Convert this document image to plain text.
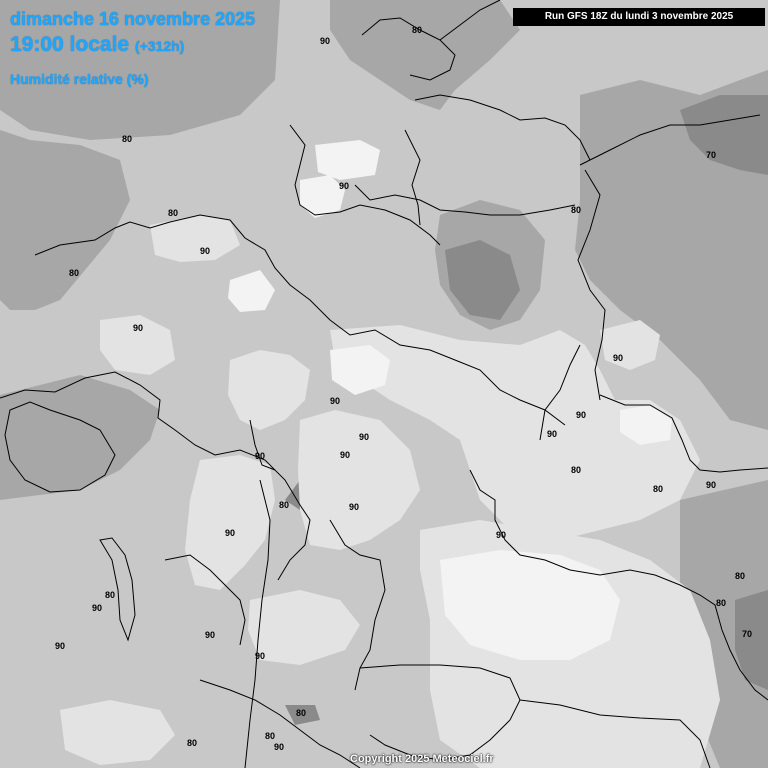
90
80
80
90
80
90
80
90
90
90
80
90	90
90
90
90
90
80
80
90
80
80	90
90
90
80
80
90
80
90
90
70
80
80
90
70
dimanche 16 novembre 2025
19:00 locale (+312h)
Humidité relative (%)
Run GFS 18Z du lundi 3 novembre 2025
Copyright 2025 Meteociel.fr
